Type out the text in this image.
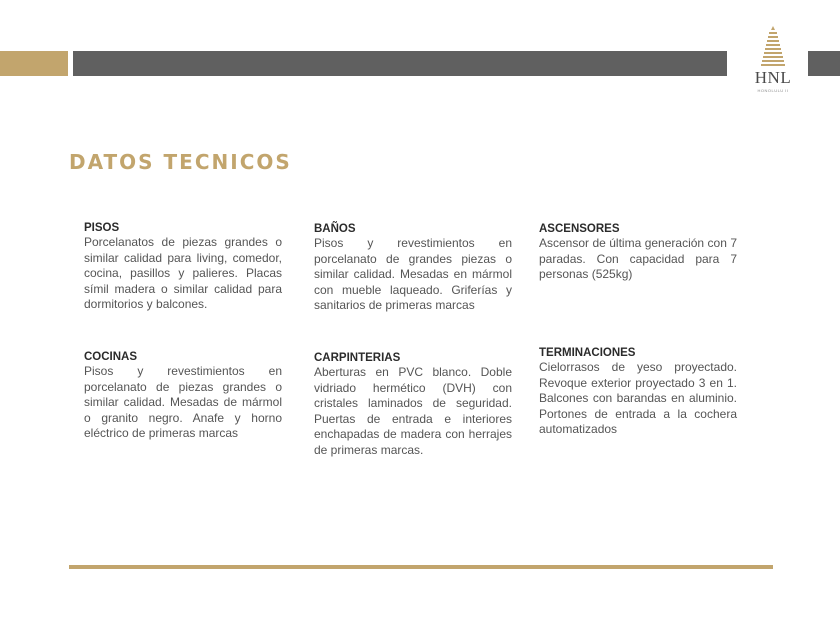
HNL
HONOLULU II
DATOS TECNICOS
PISOS

Porcelanatos de piezas grandes o similar calidad para living, comedor, cocina, pasillos y palieres. Placas símil madera o similar calidad para dormitorios y balcones.

BAÑOS

Pisos y revestimientos en porcelanato de grandes piezas o similar calidad. Mesadas en mármol con mueble laqueado. Griferías y sanitarios de primeras marcas

ASCENSORES

Ascensor de última generación con 7 paradas. Con capacidad para 7 personas (525kg)

COCINAS

Pisos y revestimientos en porcelanato de piezas grandes o similar calidad. Mesadas de mármol o granito negro. Anafe y horno eléctrico de primeras marcas

CARPINTERIAS

Aberturas en PVC blanco. Doble vidriado hermético (DVH) con cristales laminados de seguridad. Puertas de entrada e interiores enchapadas de madera con herrajes de primeras marcas.

TERMINACIONES

Cielorrasos de yeso proyectado. Revoque exterior proyectado 3 en 1. Balcones con barandas en aluminio. Portones de entrada a la cochera automatizados
